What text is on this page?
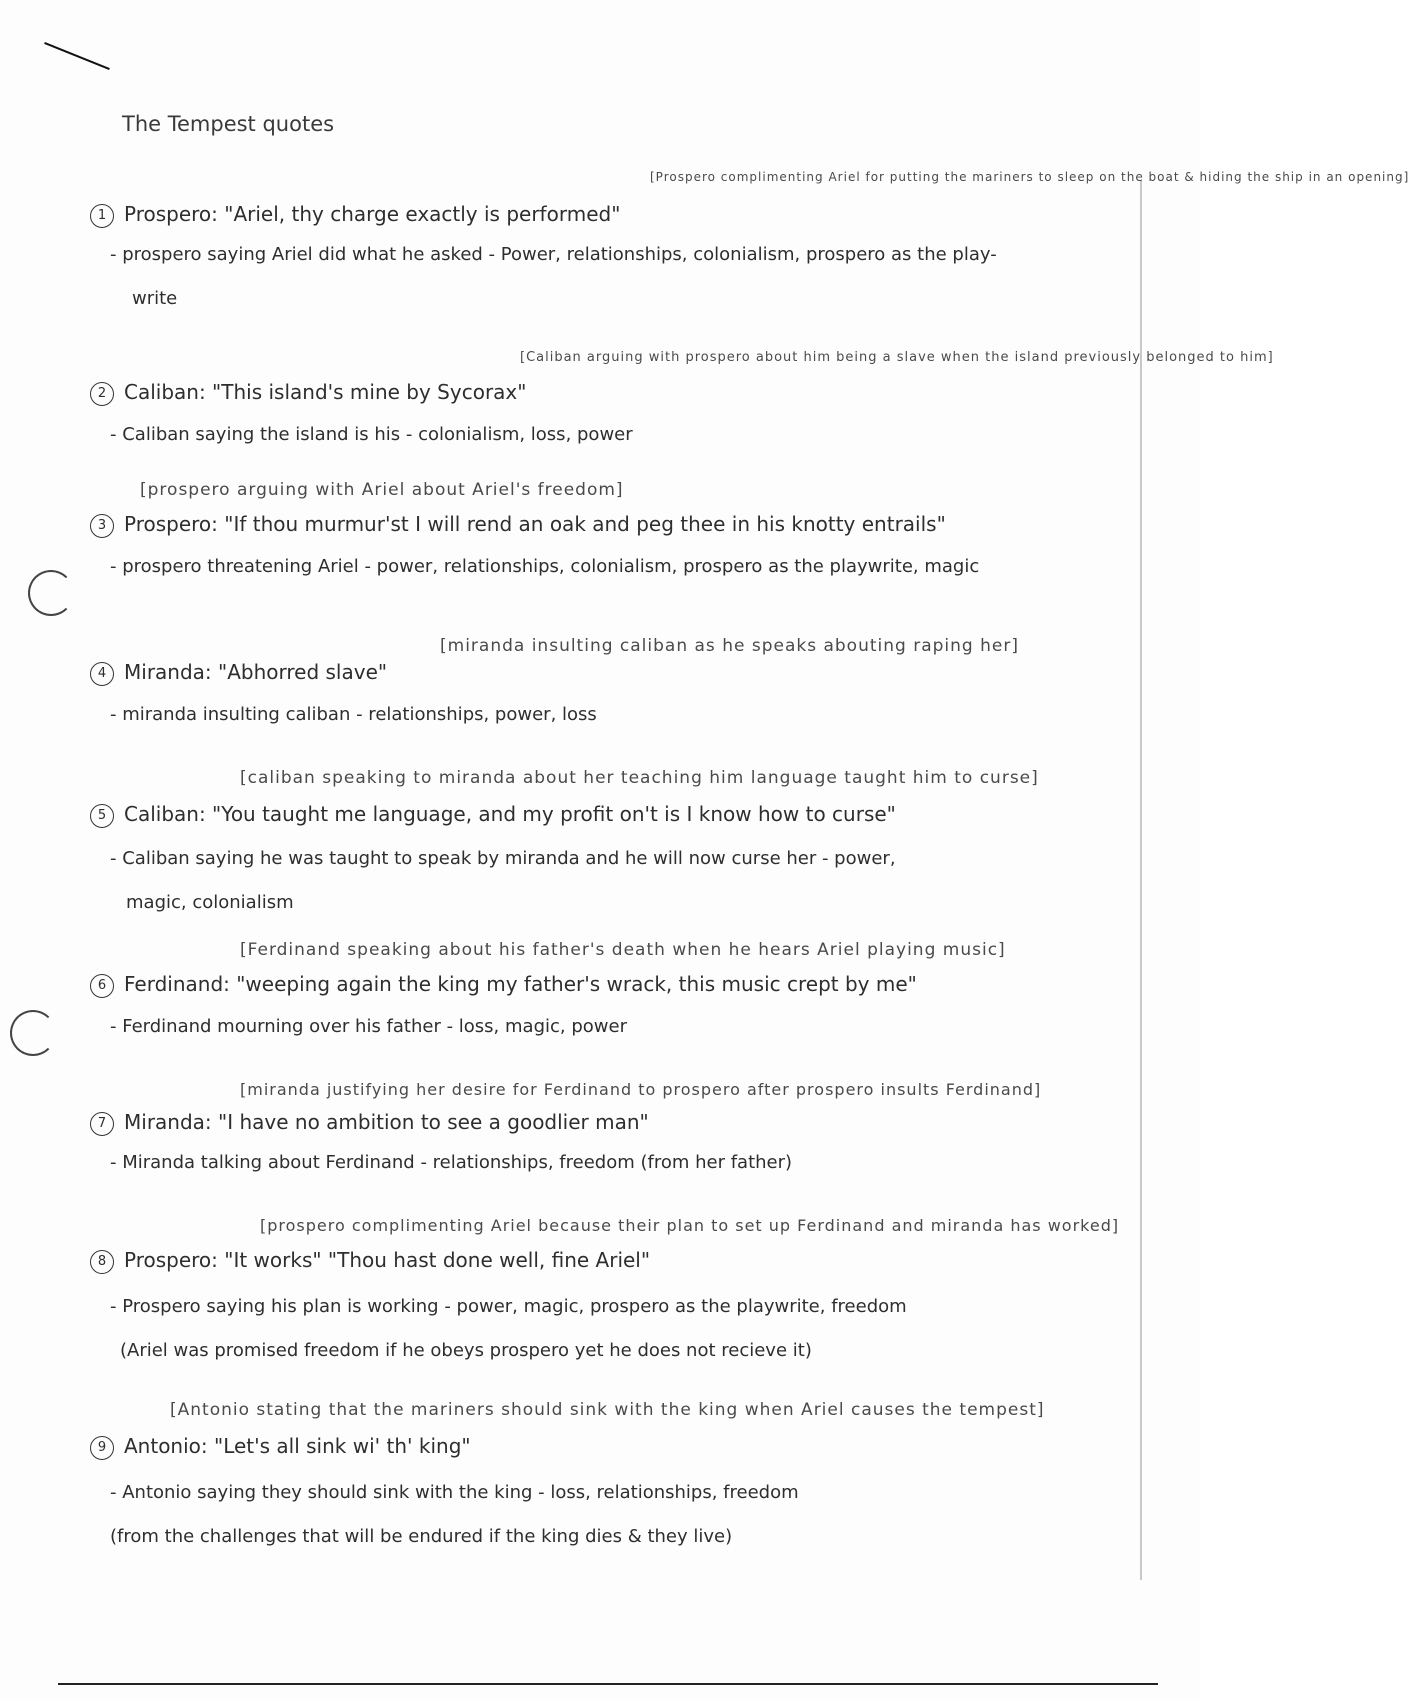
The Tempest quotes
[Prospero complimenting Ariel for putting the mariners to sleep on the boat & hiding the ship in an opening]
1 Prospero: "Ariel, thy charge exactly is performed"
- prospero saying Ariel did what he asked - Power, relationships, colonialism, prospero as the play-
write
[Caliban arguing with prospero about him being a slave when the island previously belonged to him]
2 Caliban: "This island's mine by Sycorax"
- Caliban saying the island is his - colonialism, loss, power
[prospero arguing with Ariel about Ariel's freedom]
3 Prospero: "If thou murmur'st I will rend an oak and peg thee in his knotty entrails"
- prospero threatening Ariel - power, relationships, colonialism, prospero as the playwrite, magic
[miranda insulting caliban as he speaks abouting raping her]
4 Miranda: "Abhorred slave"
- miranda insulting caliban - relationships, power, loss
[caliban speaking to miranda about her teaching him language taught him to curse]
5 Caliban: "You taught me language, and my profit on't is I know how to curse"
- Caliban saying he was taught to speak by miranda and he will now curse her - power,
magic, colonialism
[Ferdinand speaking about his father's death when he hears Ariel playing music]
6 Ferdinand: "weeping again the king my father's wrack, this music crept by me"
- Ferdinand mourning over his father - loss, magic, power
[miranda justifying her desire for Ferdinand to prospero after prospero insults Ferdinand]
7 Miranda: "I have no ambition to see a goodlier man"
- Miranda talking about Ferdinand - relationships, freedom (from her father)
[prospero complimenting Ariel because their plan to set up Ferdinand and miranda has worked]
8 Prospero: "It works" "Thou hast done well, fine Ariel"
- Prospero saying his plan is working - power, magic, prospero as the playwrite, freedom
(Ariel was promised freedom if he obeys prospero yet he does not recieve it)
[Antonio stating that the mariners should sink with the king when Ariel causes the tempest]
9 Antonio: "Let's all sink wi' th' king"
- Antonio saying they should sink with the king - loss, relationships, freedom
(from the challenges that will be endured if the king dies & they live)
